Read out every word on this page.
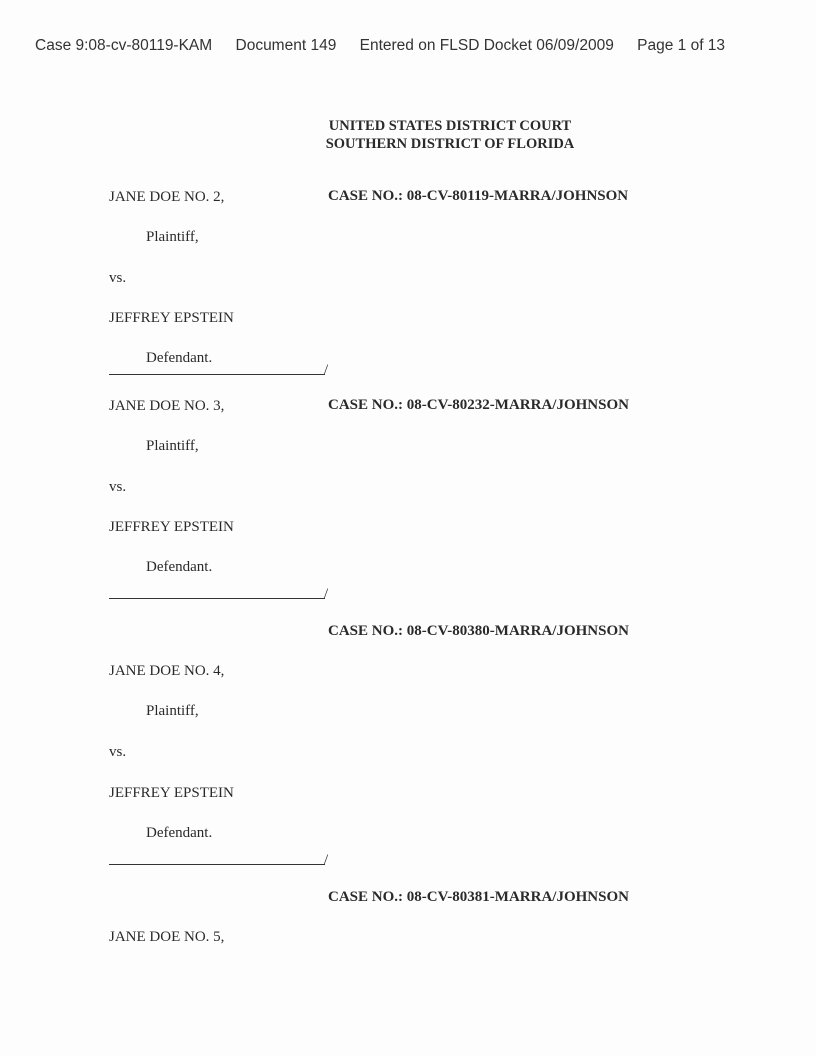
Case 9:08-cv-80119-KAM Document 149 Entered on FLSD Docket 06/09/2009 Page 1 of 13
UNITED STATES DISTRICT COURT
SOUTHERN DISTRICT OF FLORIDA
CASE NO.: 08-CV-80119-MARRA/JOHNSON
JANE DOE NO. 2,
Plaintiff,
vs.
JEFFREY EPSTEIN
Defendant.
/
CASE NO.: 08-CV-80232-MARRA/JOHNSON
JANE DOE NO. 3,
Plaintiff,
vs.
JEFFREY EPSTEIN
Defendant.
/
CASE NO.: 08-CV-80380-MARRA/JOHNSON
JANE DOE NO. 4,
Plaintiff,
vs.
JEFFREY EPSTEIN
Defendant.
/
CASE NO.: 08-CV-80381-MARRA/JOHNSON
JANE DOE NO. 5,
